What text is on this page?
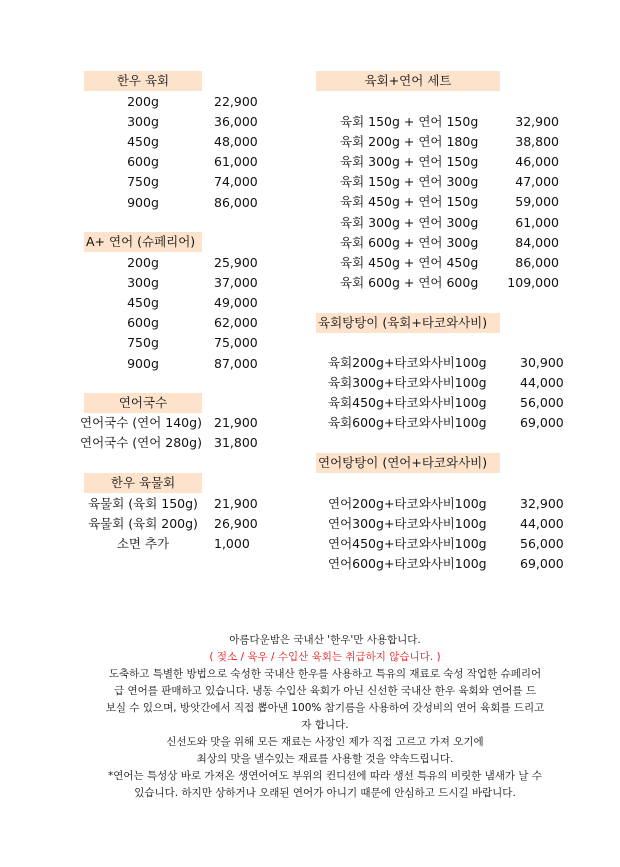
한우 육회
A+ 연어 (슈페리어)
연어국수
한우 육물회
육회+연어 세트
육회탕탕이 (육회+타코와사비)
연어탕탕이 (연어+타코와사비)
200g	22,900
300g	36,000
450g	48,000
600g	61,000
750g	74,000
900g	86,000
200g	25,900
300g	37,000
450g	49,000
600g	62,000
750g	75,000
900g	87,000
연어국수 (연어 140g) 21,900
연어국수 (연어 280g) 31,800
육물회 (육회 150g)	21,900
육물회 (육회 200g)	26,900
소면 추가	1,000
육회 150g + 연어 150g	32,900
육회 200g + 연어 180g	38,800
육회 300g + 연어 150g	46,000
육회 150g + 연어 300g	47,000
육회 450g + 연어 150g	59,000
육회 300g + 연어 300g	61,000
육회 600g + 연어 300g	84,000
육회 450g + 연어 450g	86,000
육회 600g + 연어 600g	109,000
육회200g+타코와사비100g	30,900
육회300g+타코와사비100g	44,000
육회450g+타코와사비100g	56,000
육회600g+타코와사비100g	69,000
연어200g+타코와사비100g	32,900
연어300g+타코와사비100g	44,000
연어450g+타코와사비100g	56,000
연어600g+타코와사비100g	69,000
아름다운밤은 국내산 '한우'만 사용합니다.
( 젖소 / 육우 / 수입산 육회는 취급하지 않습니다. )
도축하고 특별한 방법으로 숙성한 국내산 한우를 사용하고 특유의 재료로 숙성 작업한 슈페리어
급 연어를 판매하고 있습니다. 냉동 수입산 육회가 아닌 신선한 국내산 한우 육회와 연어를 드
보실 수 있으며, 방앗간에서 직접 뽑아낸 100% 참기름을 사용하여 갓성비의 연어 육회를 드리고
자 합니다.
신선도와 맛을 위해 모든 재료는 사장인 제가 직접 고르고 가져 오기에
최상의 맛을 낼수있는 재료를 사용할 것을 약속드립니다.
*연어는 특성상 바로 가져온 생연어여도 부위의 컨디션에 따라 생선 특유의 비릿한 냄새가 날 수
있습니다. 하지만 상하거나 오래된 연어가 아니기 때문에 안심하고 드시길 바랍니다.
